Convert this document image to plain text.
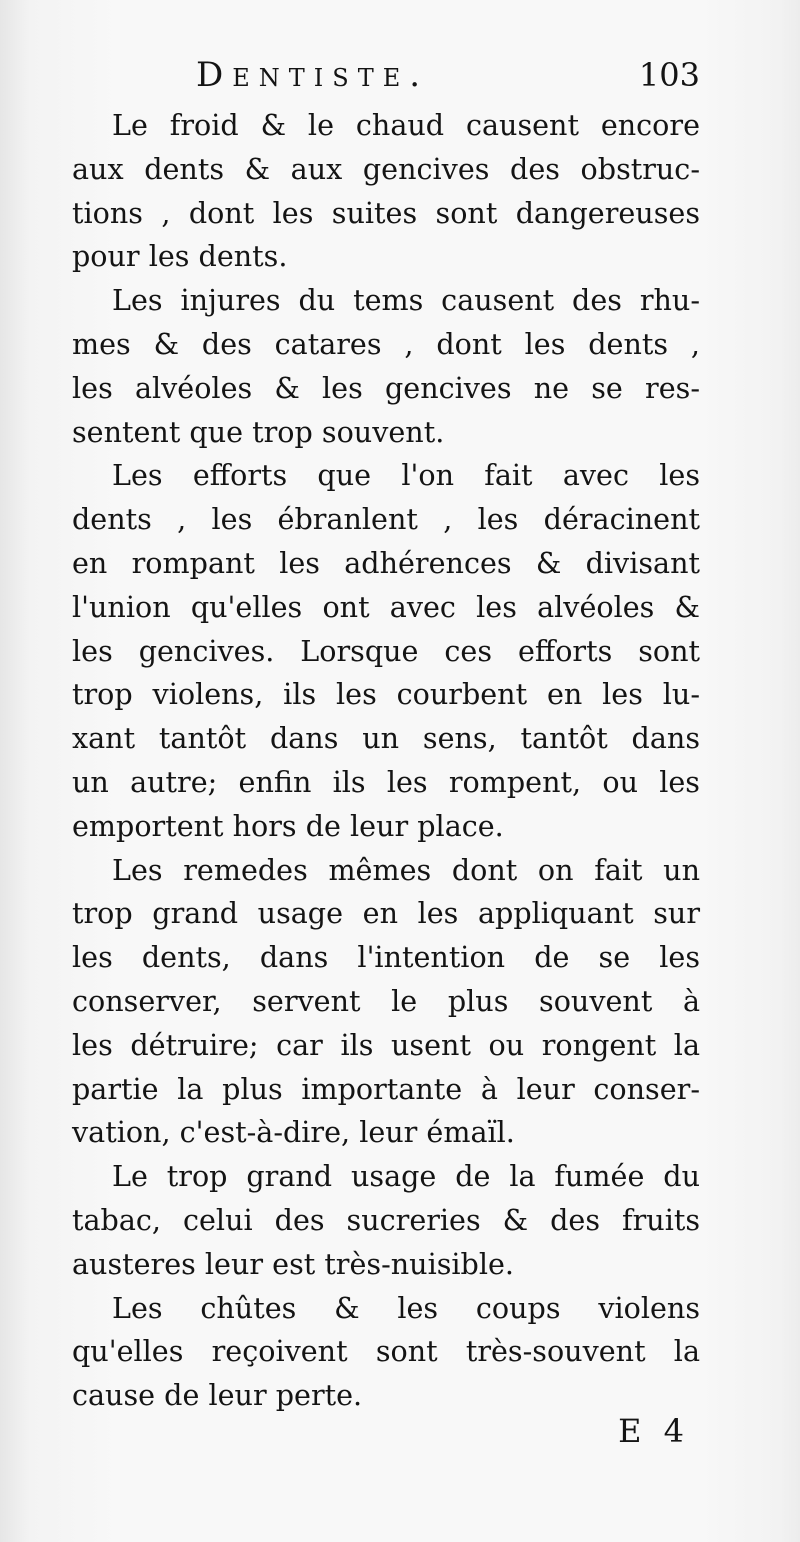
Dentiste.	103

Le froid & le chaud causent encore
aux dents & aux gencives des obstruc-
tions , dont les suites sont dangereuses
pour les dents.

Les injures du tems causent des rhu-
mes & des catares , dont les dents ,
les alvéoles & les gencives ne se res-
sentent que trop souvent.

Les efforts que l'on fait avec les
dents , les ébranlent , les déracinent
en rompant les adhérences & divisant
l'union qu'elles ont avec les alvéoles &
les gencives. Lorsque ces efforts sont
trop violens, ils les courbent en les lu-
xant tantôt dans un sens, tantôt dans
un autre; enfin ils les rompent, ou les
emportent hors de leur place.

Les remedes mêmes dont on fait un
trop grand usage en les appliquant sur
les dents, dans l'intention de se les
conserver, servent le plus souvent à
les détruire; car ils usent ou rongent la
partie la plus importante à leur conser-
vation, c'est-à-dire, leur émaïl.

Le trop grand usage de la fumée du
tabac, celui des sucreries & des fruits
austeres leur est très-nuisible.

Les chûtes & les coups violens
qu'elles reçoivent sont très-souvent la
cause de leur perte.

E 4
